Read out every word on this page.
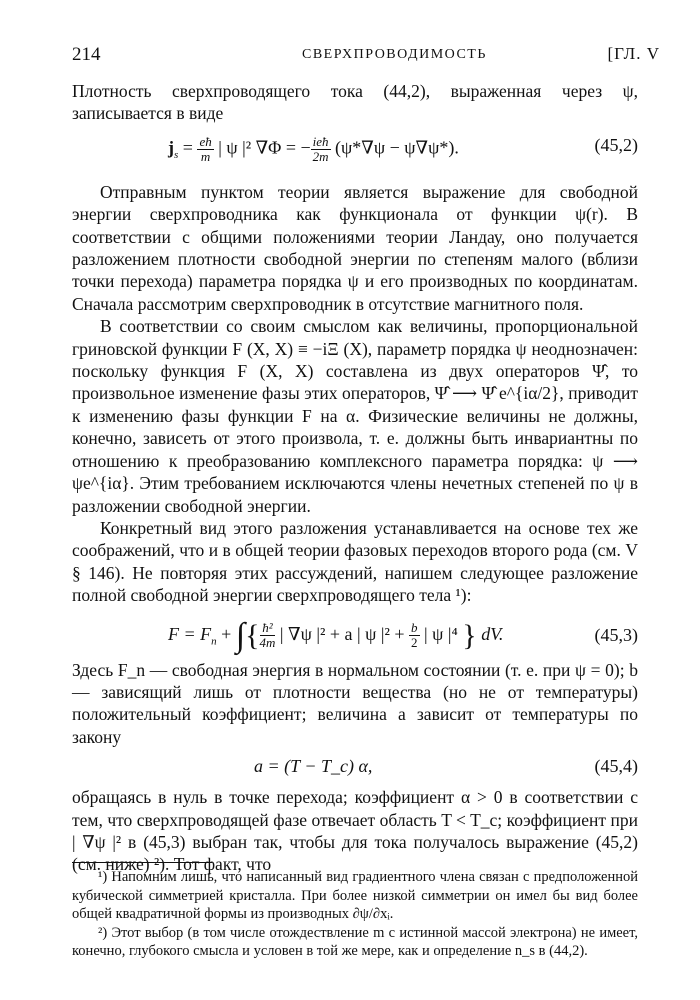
214	СВЕРХПРОВОДИМОСТЬ	[ГЛ. V

Плотность сверхпроводящего тока (44,2), выраженная через ψ, записывается в виде

$j_s = \frac{eħ}{m}$ | ψ |² ∇Φ = − $\frac{\text{ieħ}}{2m} (\psi*\nabla\psi - \psi\nabla\psi*)$.	(45,2)

Отправным пунктом теории является выражение для свободной энергии сверхпроводника как функционала от функции ψ(r). В соответствии с общими положениями теории Ландау, оно получается разложением плотности свободной энергии по степеням малого (вблизи точки перехода) параметра порядка ψ и его производных по координатам. Сначала рассмотрим сверхпроводник в отсутствие магнитного поля.

В соответствии со своим смыслом как величины, пропорциональной гриновской функции F (X, X) ≡ −iΞ (X), параметр порядка ψ неоднозначен: поскольку функция F (X, X) составлена из двух операторов Ψ̂, то произвольное изменение фазы этих операторов, Ψ̂ ⟶ Ψ̂ e^{iα/2}, приводит к изменению фазы функции F на α. Физические величины не должны, конечно, зависеть от этого произвола, т. е. должны быть инвариантны по отношению к преобразованию комплексного параметра порядка: ψ ⟶ ψe^{iα}. Этим требованием исключаются члены нечетных степеней по ψ в разложении свободной энергии.

Конкретный вид этого разложения устанавливается на основе тех же соображений, что и в общей теории фазовых переходов второго рода (см. V § 146). Не повторяя этих рассуждений, напишем следующее разложение полной свободной энергии сверхпроводящего тела ¹):

$F = F_n$ + ∫{ $\frac{\text{ħ²}}{4m}$ | ∇ψ |² + a | ψ $|^2 + \frac{b}{2}$ | ψ |⁴ } dV.	(45,3)

Здесь F_n — свободная энергия в нормальном состоянии (т. е. при ψ = 0); b — зависящий лишь от плотности вещества (но не от температуры) положительный коэффициент; величина a зависит от температуры по закону

a = (T − T_c) α,	(45,4)

обращаясь в нуль в точке перехода; коэффициент α > 0 в соответствии с тем, что сверхпроводящей фазе отвечает область T < T_c; коэффициент при | ∇ψ |² в (45,3) выбран так, чтобы для тока получалось выражение (45,2) (см. ниже) ²). Тот факт, что

¹) Напомним лишь, что написанный вид градиентного члена связан с предположенной кубической симметрией кристалла. При более низкой симметрии он имел бы вид более общей квадратичной формы из производных ∂ψ/∂xᵢ.

²) Этот выбор (в том числе отождествление m с истинной массой электрона) не имеет, конечно, глубокого смысла и условен в той же мере, как и определение n_s в (44,2).
